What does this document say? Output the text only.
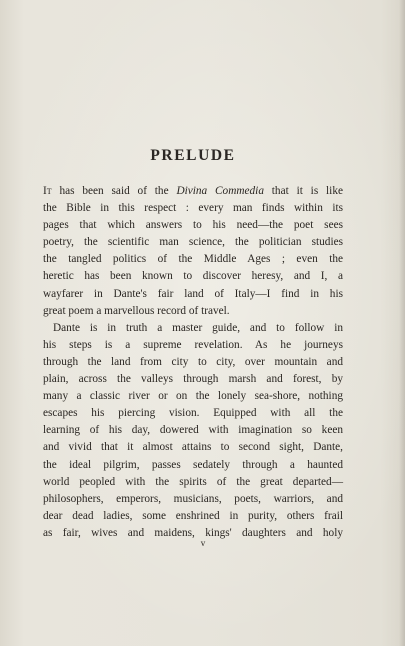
PRELUDE
It has been said of the Divina Commedia that it is like
the Bible in this respect : every man finds within its
pages that which answers to his need—the poet sees
poetry, the scientific man science, the politician studies
the tangled politics of the Middle Ages ; even the
heretic has been known to discover heresy, and I, a
wayfarer in Dante's fair land of Italy—I find in his
great poem a marvellous record of travel.
Dante is in truth a master guide, and to follow in
his steps is a supreme revelation. As he journeys
through the land from city to city, over mountain and
plain, across the valleys through marsh and forest, by
many a classic river or on the lonely sea-shore, nothing
escapes his piercing vision. Equipped with all the
learning of his day, dowered with imagination so keen
and vivid that it almost attains to second sight, Dante,
the ideal pilgrim, passes sedately through a haunted
world peopled with the spirits of the great departed—
philosophers, emperors, musicians, poets, warriors, and
dear dead ladies, some enshrined in purity, others frail
as fair, wives and maidens, kings' daughters and holy
v
